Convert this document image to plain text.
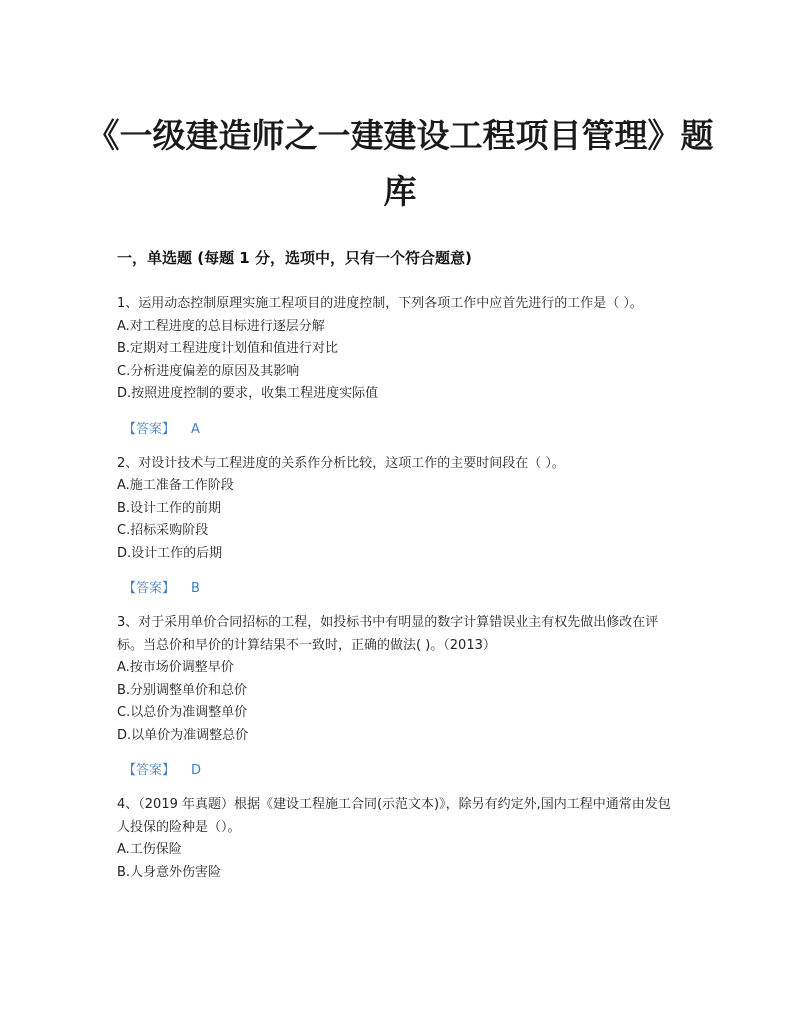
《一级建造师之一建建设工程项目管理》题库
一，单选题 (每题 1 分，选项中，只有一个符合题意)

1、运用动态控制原理实施工程项目的进度控制，下列各项工作中应首先进行的工作是（ ）。

A.对工程进度的总目标进行逐层分解

B.定期对工程进度计划值和值进行对比

C.分析进度偏差的原因及其影响

D.按照进度控制的要求，收集工程进度实际值

【答案】 A

2、对设计技术与工程进度的关系作分析比较，这项工作的主要时间段在（ ）。

A.施工准备工作阶段

B.设计工作的前期

C.招标采购阶段

D.设计工作的后期

【答案】 B

3、对于采用单价合同招标的工程，如投标书中有明显的数字计算错误业主有权先做出修改在评标。当总价和早价的计算结果不一致时，正确的做法( )。（2013）

A.按市场价调整早价

B.分别调整单价和总价

C.以总价为准调整单价

D.以单价为准调整总价

【答案】 D

4、（2019 年真题）根据《建设工程施工合同(示范文本)》，除另有约定外,国内工程中通常由发包人投保的险种是（）。

A.工伤保险

B.人身意外伤害险
